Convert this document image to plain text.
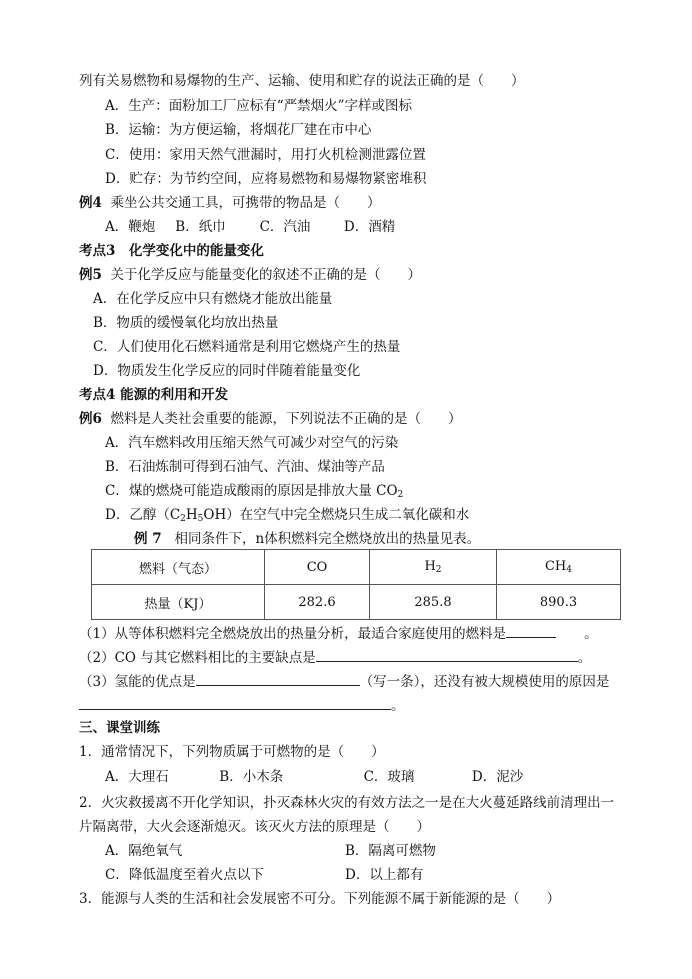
列有关易燃物和易爆物的生产、运输、使用和贮存的说法正确的是（　　）
A．生产：面粉加工厂应标有“严禁烟火”字样或图标
B．运输：为方便运输，将烟花厂建在市中心
C．使用：家用天然气泄漏时，用打火机检测泄露位置
D．贮存：为节约空间，应将易燃物和易爆物紧密堆积
例4 乘坐公共交通工具，可携带的物品是（　　）
A．鞭炮 B．纸巾	C．汽油 D．酒精
考点3　化学变化中的能量变化
例5 关于化学反应与能量变化的叙述不正确的是（　　）
A．在化学反应中只有燃烧才能放出能量
B．物质的缓慢氧化均放出热量
C．人们使用化石燃料通常是利用它燃烧产生的热量
D．物质发生化学反应的同时伴随着能量变化
考点4 能源的利用和开发
例6 燃料是人类社会重要的能源，下列说法不正确的是（　　）
A．汽车燃料改用压缩天然气可减少对空气的污染
B．石油炼制可得到石油气、汽油、煤油等产品
C．煤的燃烧可能造成酸雨的原因是排放大量 $CO_2$
D．乙醇$(C_2H_5OH)$在空气中完全燃烧只生成二氧化碳和水
例 7 相同条件下，n体积燃料完全燃烧放出的热量见表。
燃料（气态）	CO	$H_2$	$CH_4$
热量（KJ）	282.6	285.8	890.3
（1）从等体积燃料完全燃烧放出的热量分析，最适合家庭使用的燃料是	。
（2）CO 与其它燃料相比的主要缺点是	。
（3）氢能的优点是	（写一条），还没有被大规模使用的原因是
。
三、课堂训练
1．通常情况下，下列物质属于可燃物的是（　　）
A．大理石	B．小木条	C．玻璃	D．泥沙
2．火灾救援离不开化学知识，扑灭森林火灾的有效方法之一是在大火蔓延路线前清理出一
片隔离带，大火会逐渐熄灭。该灭火方法的原理是（　　）
A．隔绝氧气	B．隔离可燃物
C．降低温度至着火点以下	D．以上都有
3．能源与人类的生活和社会发展密不可分。下列能源不属于新能源的是（　　）
